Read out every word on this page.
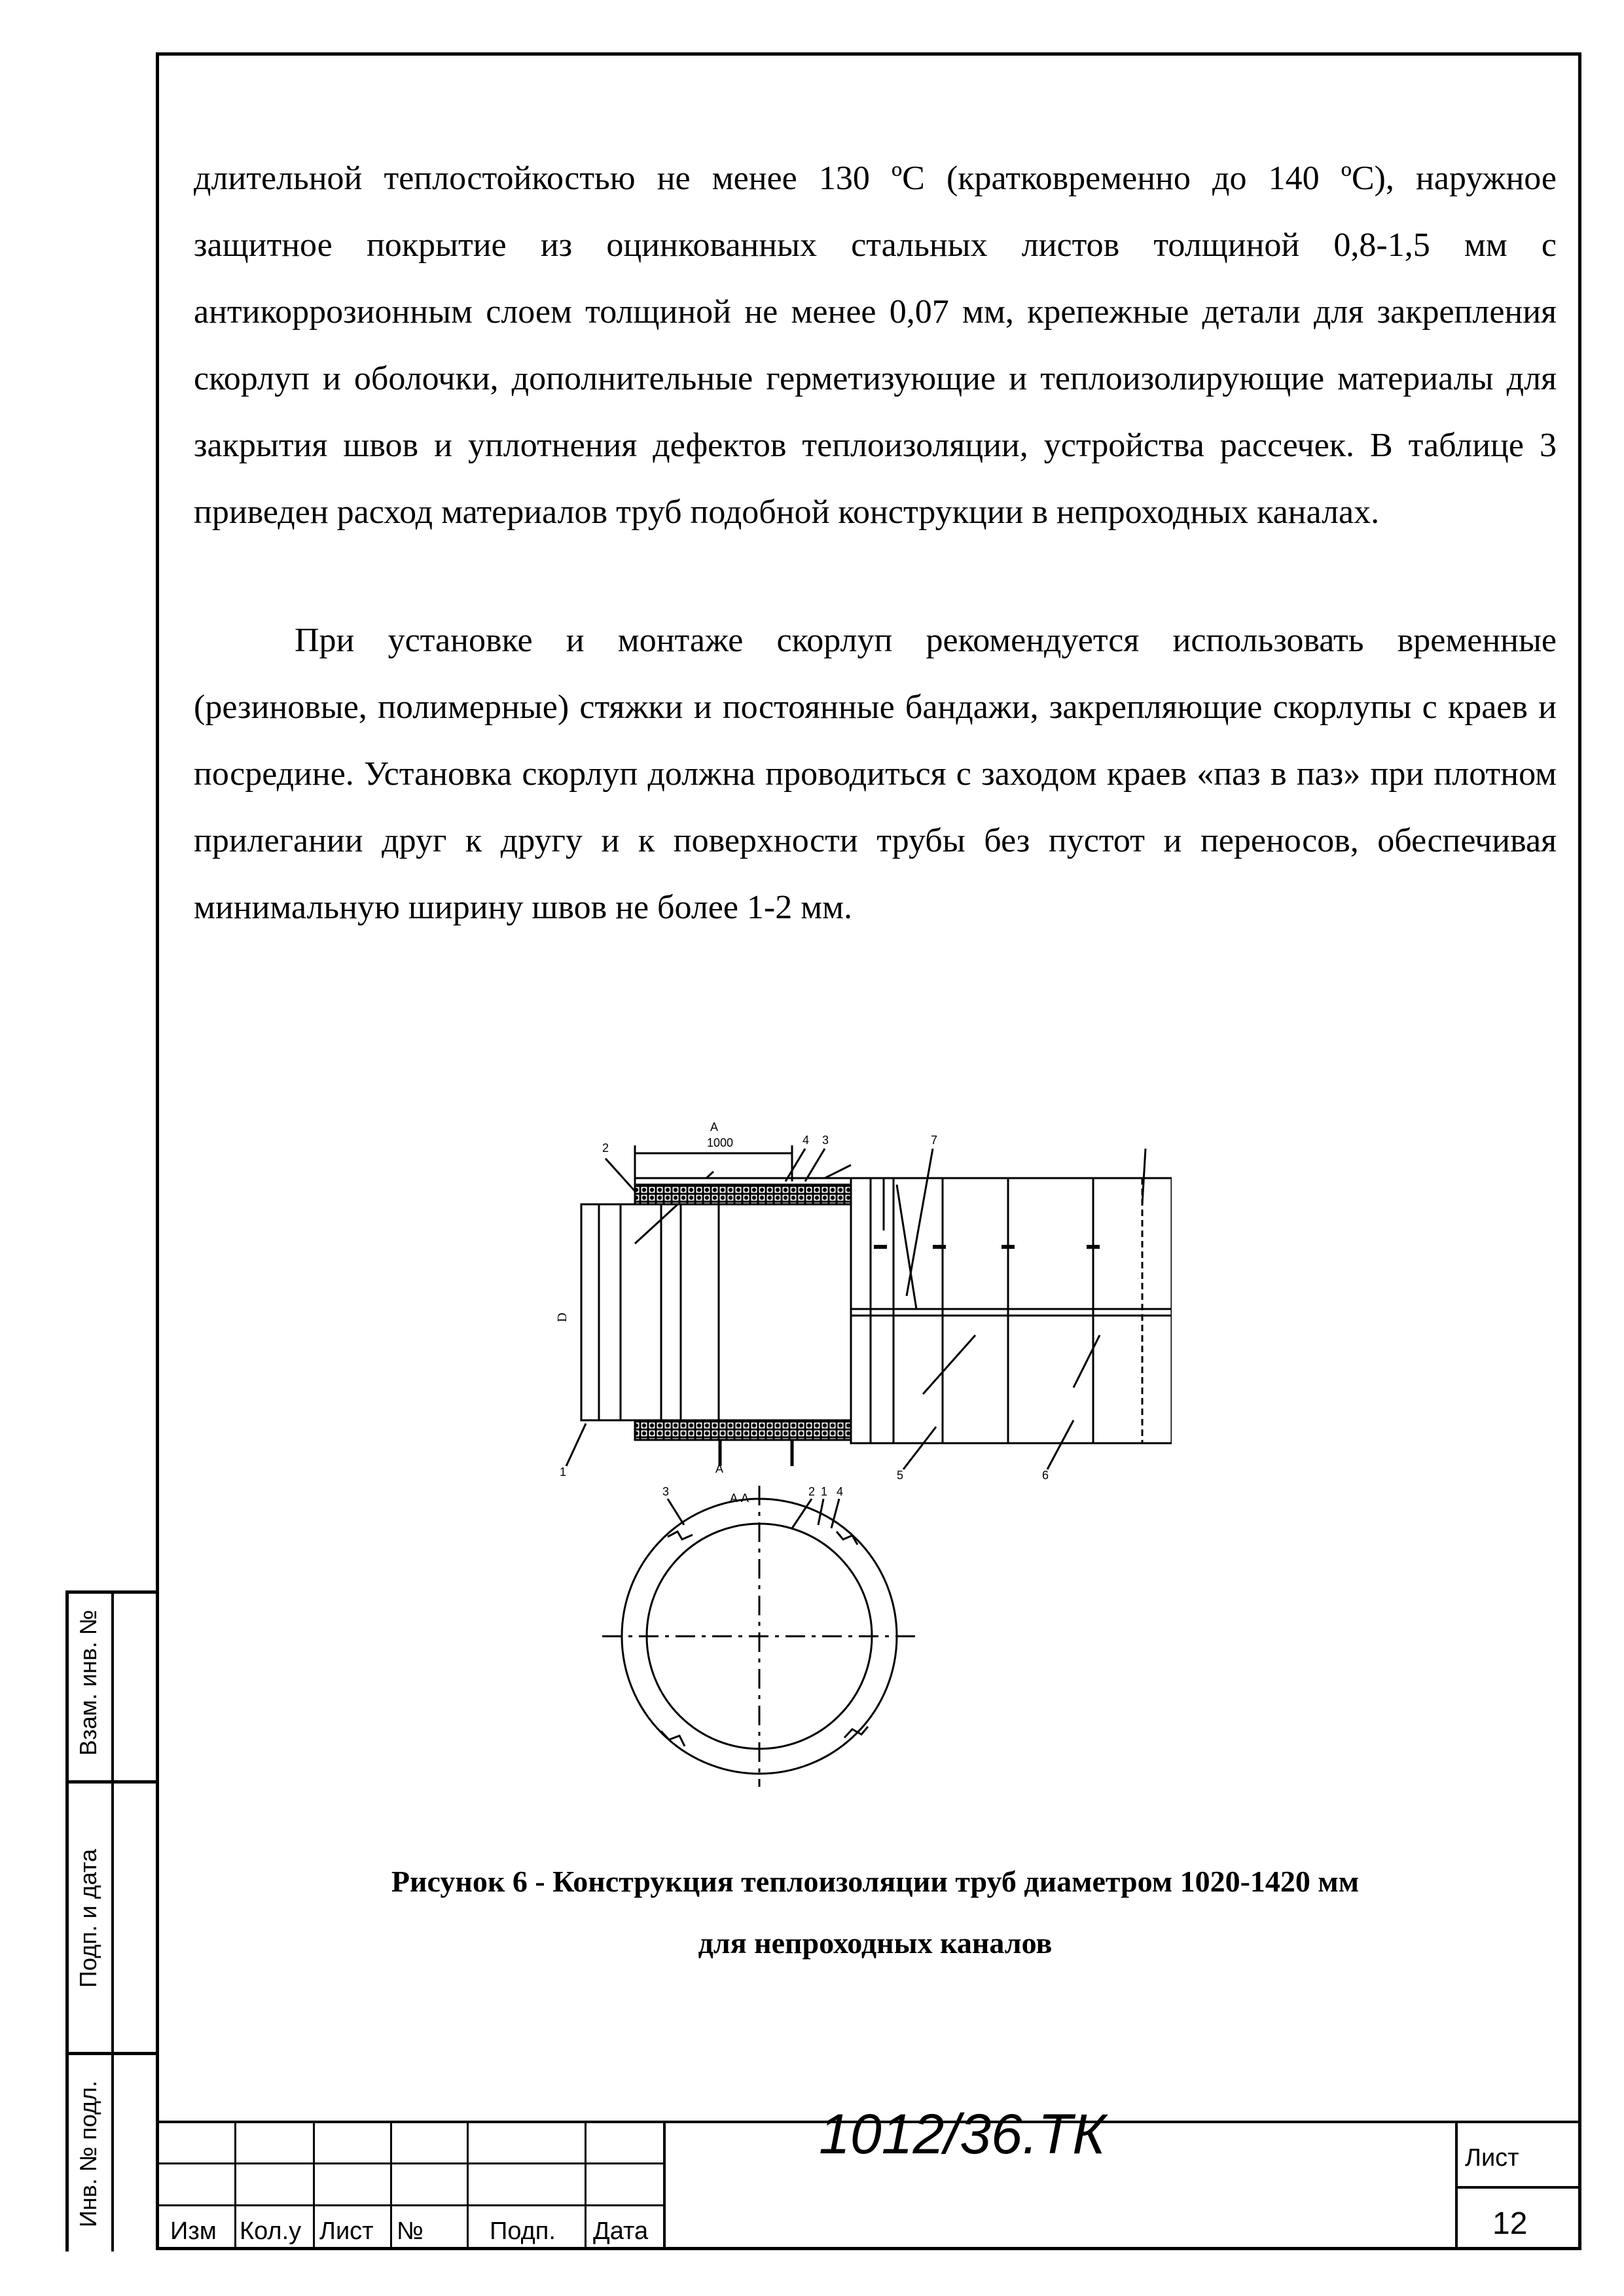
длительной теплостойкостью не менее 130 ºС (кратковременно до 140 ºС), наружное защитное покрытие из оцинкованных стальных листов толщиной 0,8-1,5 мм с антикоррозионным слоем толщиной не менее 0,07 мм, крепежные детали для закрепления скорлуп и оболочки, дополнительные герметизующие и теплоизолирующие материалы для закрытия швов и уплотнения дефектов теплоизоляции, устройства рассечек. В таблице 3 приведен расход материалов труб подобной конструкции в непроходных каналах.

При установке и монтаже скорлуп рекомендуется использовать временные (резиновые, полимерные) стяжки и постоянные бандажи, закрепляющие скорлупы с краев и посредине. Установка скорлуп должна проводиться с заходом краев «паз в паз» при плотном прилегании друг к другу и к поверхности трубы без пустот и переносов, обеспечивая минимальную ширину швов не более 1-2 мм.

1000
А
А
D
2
1
4 3	7
5	6
А А
3	2 1 4
Рисунок 6 - Конструкция теплоизоляции труб диаметром 1020-1420 мм
для непроходных каналов
Взам. инв. №
Подп. и дата
Инв. № подл.
Изм Кол.у Лист №	Подп. Дата
Лист
12
1012/36.ТК
